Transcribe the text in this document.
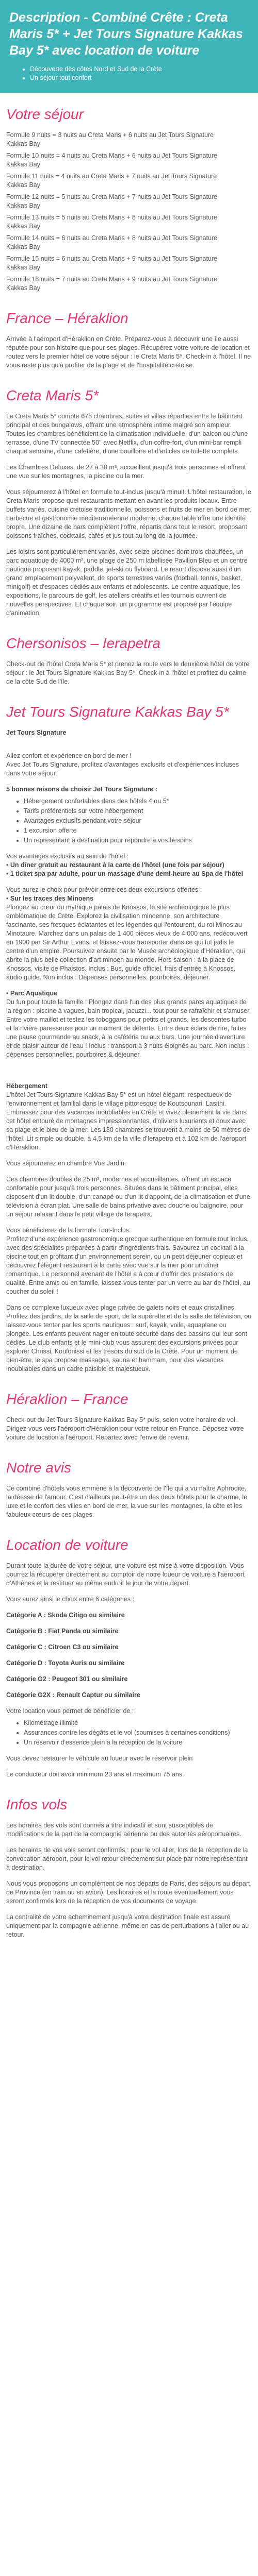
Description - Combiné Crête : Creta Maris 5* + Jet Tours Signature Kakkas Bay 5* avec location de voiture
• Découverte des côtes Nord et Sud de la Crète
• Un séjour tout confort
Votre séjour

Formule 9 nuits = 3 nuits au Creta Maris + 6 nuits au Jet Tours Signature

Kakkas Bay

Formule 10 nuits = 4 nuits au Creta Maris + 6 nuits au Jet Tours Signature

Kakkas Bay

Formule 11 nuits = 4 nuits au Creta Maris + 7 nuits au Jet Tours Signature

Kakkas Bay

Formule 12 nuits = 5 nuits au Creta Maris + 7 nuits au Jet Tours Signature

Kakkas Bay

Formule 13 nuits = 5 nuits au Creta Maris + 8 nuits au Jet Tours Signature

Kakkas Bay

Formule 14 nuits = 6 nuits au Creta Maris + 8 nuits au Jet Tours Signature

Kakkas Bay

Formule 15 nuits = 6 nuits au Creta Maris + 9 nuits au Jet Tours Signature

Kakkas Bay

Formule 16 nuits = 7 nuits au Creta Maris + 9 nuits au Jet Tours Signature

Kakkas Bay

France – Héraklion

Arrivée à l'aéroport d'Héraklion en Crète. Préparez-vous à découvrir une île aussi réputée pour son histoire que pour ses plages. Récupérez votre voiture de location et routez vers le premier hôtel de votre séjour : le Creta Maris 5*. Check-in à l'hôtel. Il ne vous reste plus qu'à profiter de la plage et de l'hospitalité crétoise.

Creta Maris 5*

Le Creta Maris 5* compte 678 chambres, suites et villas réparties entre le bâtiment principal et des bungalows, offrant une atmosphère intime malgré son ampleur. Toutes les chambres bénéficient de la climatisation individuelle, d'un balcon ou d'une terrasse, d'une TV connectée 50'' avec Netflix, d'un coffre-fort, d'un mini-bar rempli chaque semaine, d'une cafetière, d'une bouilloire et d'articles de toilette complets.

Les Chambres Deluxes, de 27 à 30 m², accueillent jusqu'à trois personnes et offrent une vue sur les montagnes, la piscine ou la mer.

Vous séjournerez à l'hôtel en formule tout-inclus jusqu'à minuit. L'hôtel restauration, le Creta Maris propose quel restaurants mettant en avant les produits locaux. Entre buffets variés, cuisine crétoise traditionnelle, poissons et fruits de mer en bord de mer, barbecue et gastronomie méditerranéenne moderne, chaque table offre une identité propre. Une dizaine de bars complètent l'offre, répartis dans tout le resort, proposant boissons fraîches, cocktails, cafés et jus tout au long de la journée.

Les loisirs sont particulièrement variés, avec seize piscines dont trois chauffées, un parc aquatique de 4000 m², une plage de 250 m labellisée Pavillon Bleu et un centre nautique proposant kayak, paddle, jet-ski ou flyboard. Le resort dispose aussi d'un grand emplacement polyvalent, de sports terrestres variés (football, tennis, basket, minigolf) et d'espaces dédiés aux enfants et adolescents. Le centre aquatique, les expositions, le parcours de golf, les ateliers créatifs et les tournois ouvrent de nouvelles perspectives. Et chaque soir, un programme est proposé par l'équipe d'animation.

Chersonisos – Ierapetra

Check-out de l'hôtel Creta Maris 5* et prenez la route vers le deuxième hôtel de votre séjour : le Jet Tours Signature Kakkas Bay 5*. Check-in à l'hôtel et profitez du calme de la côte Sud de l'île.

Jet Tours Signature Kakkas Bay 5*

Jet Tours Signature

Allez confort et expérience en bord de mer !

Avec Jet Tours Signature, profitez d'avantages exclusifs et d'expériences incluses dans votre séjour.

5 bonnes raisons de choisir Jet Tours Signature :

• Hébergement confortables dans des hôtels 4 ou 5*
• Tarifs préférentiels sur votre hébergement
• Avantages exclusifs pendant votre séjour
• 1 excursion offerte
• Un représentant à destination pour répondre à vos besoins

Vos avantages exclusifs au sein de l'hôtel :

• Un dîner gratuit au restaurant à la carte de l'hôtel (une fois par séjour)

• 1 ticket spa par adulte, pour un massage d'une demi-heure au Spa de l'hôtel

Vous aurez le choix pour prévoir entre ces deux excursions offertes :

• Sur les traces des Minoens

Plongez au cœur du mythique palais de Knossos, le site archéologique le plus emblématique de Crète. Explorez la civilisation minoenne, son architecture fascinante, ses fresques éclatantes et les légendes qui l'entourent, du roi Minos au Minotaure. Marchez dans un palais de 1 400 pièces vieux de 4 000 ans, redécouvert en 1900 par Sir Arthur Evans, et laissez-vous transporter dans ce qui fut jadis le centre d'un empire. Poursuivez ensuite par le Musée archéologique d'Héraklion, qui abrite la plus belle collection d'art minoen au monde. Hors saison : à la place de Knossos, visite de Phaistos. Inclus : Bus, guide officiel, frais d'entrée à Knossos, audio guide. Non inclus : Dépenses personnelles, pourboires, déjeuner.

• Parc Aquatique

Du fun pour toute la famille ! Plongez dans l'un des plus grands parcs aquatiques de la région : piscine à vagues, bain tropical, jacuzzi... tout pour se rafraîchir et s'amuser. Entre votre maillot et testez les toboggans pour petits et grands, les descentes turbo et la rivière paresseuse pour un moment de détente. Entre deux éclats de rire, faites une pause gourmande au snack, à la cafétéria ou aux bars. Une journée d'aventure et de plaisir autour de l'eau ! Inclus : transport à 3 nuits éloignés au parc. Non inclus : dépenses personnelles, pourboires & déjeuner.

Hébergement

L'hôtel Jet Tours Signature Kakkas Bay 5* est un hôtel élégant, respectueux de l'environnement et familial dans le village pittoresque de Koutsounari, Lasithi. Embrassez pour des vacances inoubliables en Crète et vivez pleinement la vie dans cet hôtel entouré de montagnes impressionnantes, d'oliviers luxuriants et doux avec sa plage et le bleu de la mer. Les 180 chambres se trouvent à moins de 50 mètres de l'hôtel. Lit simple ou double, à 4,5 km de la ville d'Ierapetra et à 102 km de l'aéroport d'Héraklion.

Vous séjournerez en chambre Vue Jardin.

Ces chambres doubles de 25 m², modernes et accueillantes, offrent un espace confortable pour jusqu'à trois personnes. Situées dans le bâtiment principal, elles disposent d'un lit double, d'un canapé ou d'un lit d'appoint, de la climatisation et d'une télévision à écran plat. Une salle de bains privative avec douche ou baignoire, pour un séjour relaxant dans le petit village de Ierapetra.

Vous bénéficierez de la formule Tout-Inclus.

Profitez d'une expérience gastronomique grecque authentique en formule tout inclus, avec des spécialités préparées à partir d'ingrédients frais. Savourez un cocktail à la piscine tout en profitant d'un environnement serein, ou un petit déjeuner copieux et découvrez l'élégant restaurant à la carte avec vue sur la mer pour un dîner romantique. Le personnel avenant de l'hôtel a à cœur d'offrir des prestations de qualité. Entre amis ou en famille, laissez-vous tenter par un verre au bar de l'hôtel, au coucher du soleil !

Dans ce complexe luxueux avec plage privée de galets noirs et eaux cristallines. Profitez des jardins, de la salle de sport, de la supérette et de la salle de télévision, ou laissez-vous tenter par les sports nautiques : surf, kayak, voile, aquaplane ou plongée. Les enfants peuvent nager en toute sécurité dans des bassins qui leur sont dédiés. Le club enfants et le mini-club vous assurent des excursions privées pour explorer Chrissi, Koufonissi et les trésors du sud de la Crète. Pour un moment de bien-être, le spa propose massages, sauna et hammam, pour des vacances inoubliables dans un cadre paisible et majestueux.

Héraklion – France

Check-out du Jet Tours Signature Kakkas Bay 5* puis, selon votre horaire de vol. Dirigez-vous vers l'aéroport d'Héraklion pour votre retour en France. Déposez votre voiture de location à l'aéroport. Repartez avec l'envie de revenir.

Notre avis

Ce combiné d'hôtels vous emmène à la découverte de l'île qui a vu naître Aphrodite, la déesse de l'amour. C'est d'ailleurs peut-être un des deux hôtels pour le charme, le luxe et le confort des villes en bord de mer, la vue sur les montagnes, la côte et les fabuleux cœurs de ces plages.

Location de voiture

Durant toute la durée de votre séjour, une voiture est mise à votre disposition. Vous pourrez la récupérer directement au comptoir de notre loueur de voiture à l'aéroport d'Athènes et la restituer au même endroit le jour de votre départ.

Vous aurez ainsi le choix entre 6 catégories :

Catégorie A : Skoda Citigo ou similaire

Catégorie B : Fiat Panda ou similaire

Catégorie C : Citroen C3 ou similaire

Catégorie D : Toyota Auris ou similaire

Catégorie G2 : Peugeot 301 ou similaire

Catégorie G2X : Renault Captur ou similaire

Votre location vous permet de bénéficier de :

• Kilométrage illimité
• Assurances contre les dégâts et le vol (soumises à certaines conditions)
• Un réservoir d'essence plein à la réception de la voiture

Vous devez restaurer le véhicule au loueur avec le réservoir plein

Le conducteur doit avoir minimum 23 ans et maximum 75 ans.

Infos vols

Les horaires des vols sont donnés à titre indicatif et sont susceptibles de modifications de la part de la compagnie aérienne ou des autorités aéroportuaires.

Les horaires de vos vols seront confirmés : pour le vol aller, lors de la réception de la convocation aéroport, pour le vol retour directement sur place par notre représentant à destination.

Nous vous proposons un complément de nos départs de Paris, des séjours au départ de Province (en train ou en avion). Les horaires et la route éventuellement vous seront confirmés lors de la réception de vos documents de voyage.

La centralité de votre acheminement jusqu'à votre destination finale est assuré uniquement par la compagnie aérienne, même en cas de perturbations à l'aller ou au retour.
